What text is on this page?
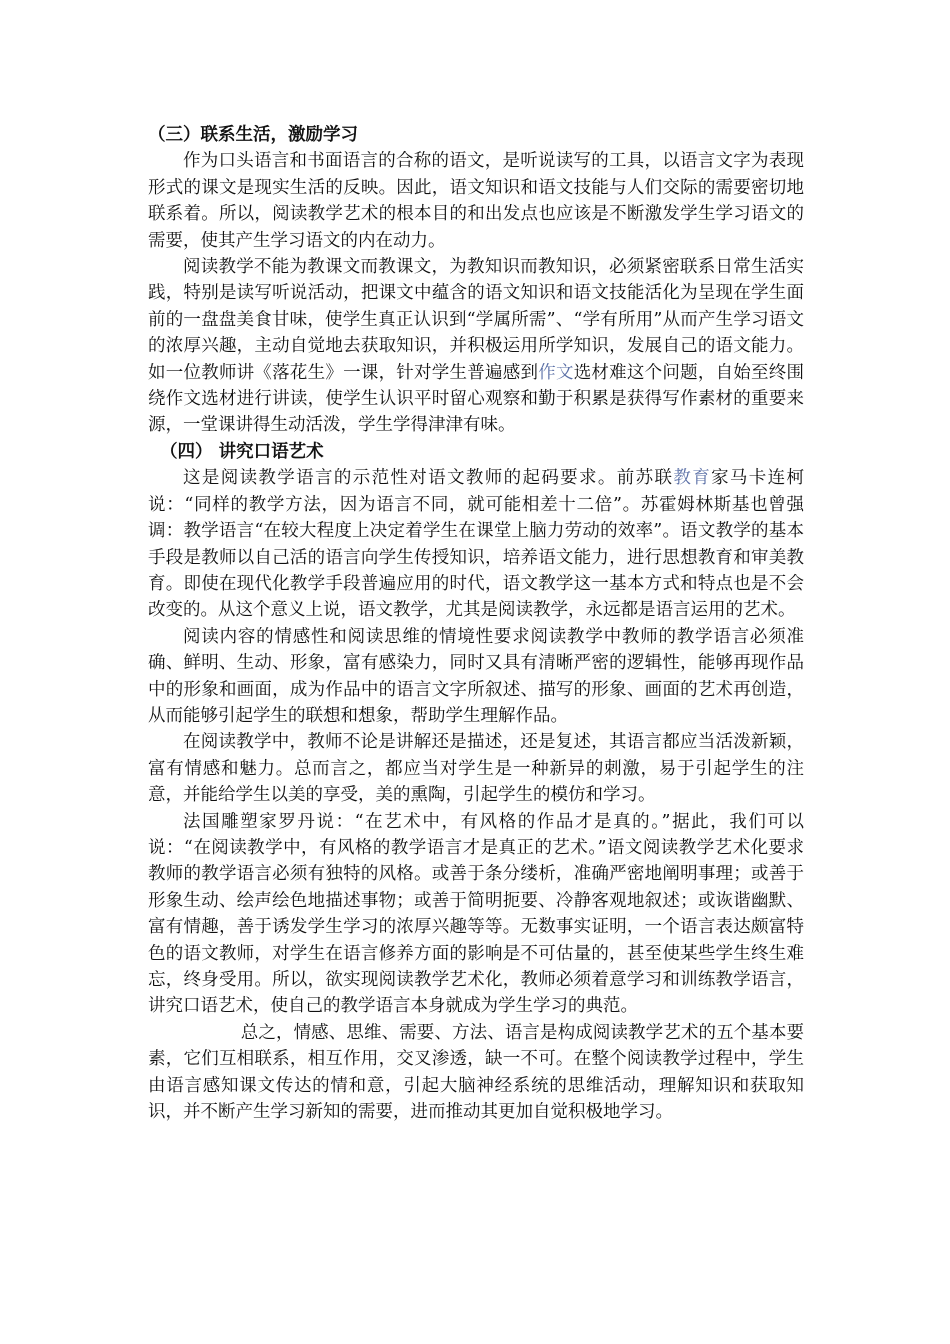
（三）联系生活，激励学习

作为口头语言和书面语言的合称的语文，是听说读写的工具，以语言文字为表现形式的课文是现实生活的反映。因此，语文知识和语文技能与人们交际的需要密切地联系着。所以，阅读教学艺术的根本目的和出发点也应该是不断激发学生学习语文的需要，使其产生学习语文的内在动力。

阅读教学不能为教课文而教课文，为教知识而教知识，必须紧密联系日常生活实践，特别是读写听说活动，把课文中蕴含的语文知识和语文技能活化为呈现在学生面前的一盘盘美食甘味，使学生真正认识到“学属所需”、“学有所用”从而产生学习语文的浓厚兴趣，主动自觉地去获取知识，并积极运用所学知识，发展自己的语文能力。如一位教师讲《落花生》一课，针对学生普遍感到作文选材难这个问题，自始至终围绕作文选材进行讲读，使学生认识平时留心观察和勤于积累是获得写作素材的重要来源，一堂课讲得生动活泼，学生学得津津有味。

（四） 讲究口语艺术

这是阅读教学语言的示范性对语文教师的起码要求。前苏联教育家马卡连柯说：“同样的教学方法，因为语言不同，就可能相差十二倍”。苏霍姆林斯基也曾强调：教学语言“在较大程度上决定着学生在课堂上脑力劳动的效率”。语文教学的基本手段是教师以自己活的语言向学生传授知识，培养语文能力，进行思想教育和审美教育。即使在现代化教学手段普遍应用的时代，语文教学这一基本方式和特点也是不会改变的。从这个意义上说，语文教学，尤其是阅读教学，永远都是语言运用的艺术。

阅读内容的情感性和阅读思维的情境性要求阅读教学中教师的教学语言必须准确、鲜明、生动、形象，富有感染力，同时又具有清晰严密的逻辑性，能够再现作品中的形象和画面，成为作品中的语言文字所叙述、描写的形象、画面的艺术再创造，从而能够引起学生的联想和想象，帮助学生理解作品。

在阅读教学中，教师不论是讲解还是描述，还是复述，其语言都应当活泼新颖，富有情感和魅力。总而言之，都应当对学生是一种新异的刺激，易于引起学生的注意，并能给学生以美的享受，美的熏陶，引起学生的模仿和学习。

法国雕塑家罗丹说：“在艺术中，有风格的作品才是真的。”据此，我们可以说：“在阅读教学中，有风格的教学语言才是真正的艺术。”语文阅读教学艺术化要求教师的教学语言必须有独特的风格。或善于条分缕析，准确严密地阐明事理；或善于形象生动、绘声绘色地描述事物；或善于简明扼要、冷静客观地叙述；或诙谐幽默、富有情趣，善于诱发学生学习的浓厚兴趣等等。无数事实证明，一个语言表达颇富特色的语文教师，对学生在语言修养方面的影响是不可估量的，甚至使某些学生终生难忘，终身受用。所以，欲实现阅读教学艺术化，教师必须着意学习和训练教学语言，讲究口语艺术，使自己的教学语言本身就成为学生学习的典范。

总之，情感、思维、需要、方法、语言是构成阅读教学艺术的五个基本要素，它们互相联系，相互作用，交叉渗透，缺一不可。在整个阅读教学过程中，学生由语言感知课文传达的情和意，引起大脑神经系统的思维活动，理解知识和获取知识，并不断产生学习新知的需要，进而推动其更加自觉积极地学习。
